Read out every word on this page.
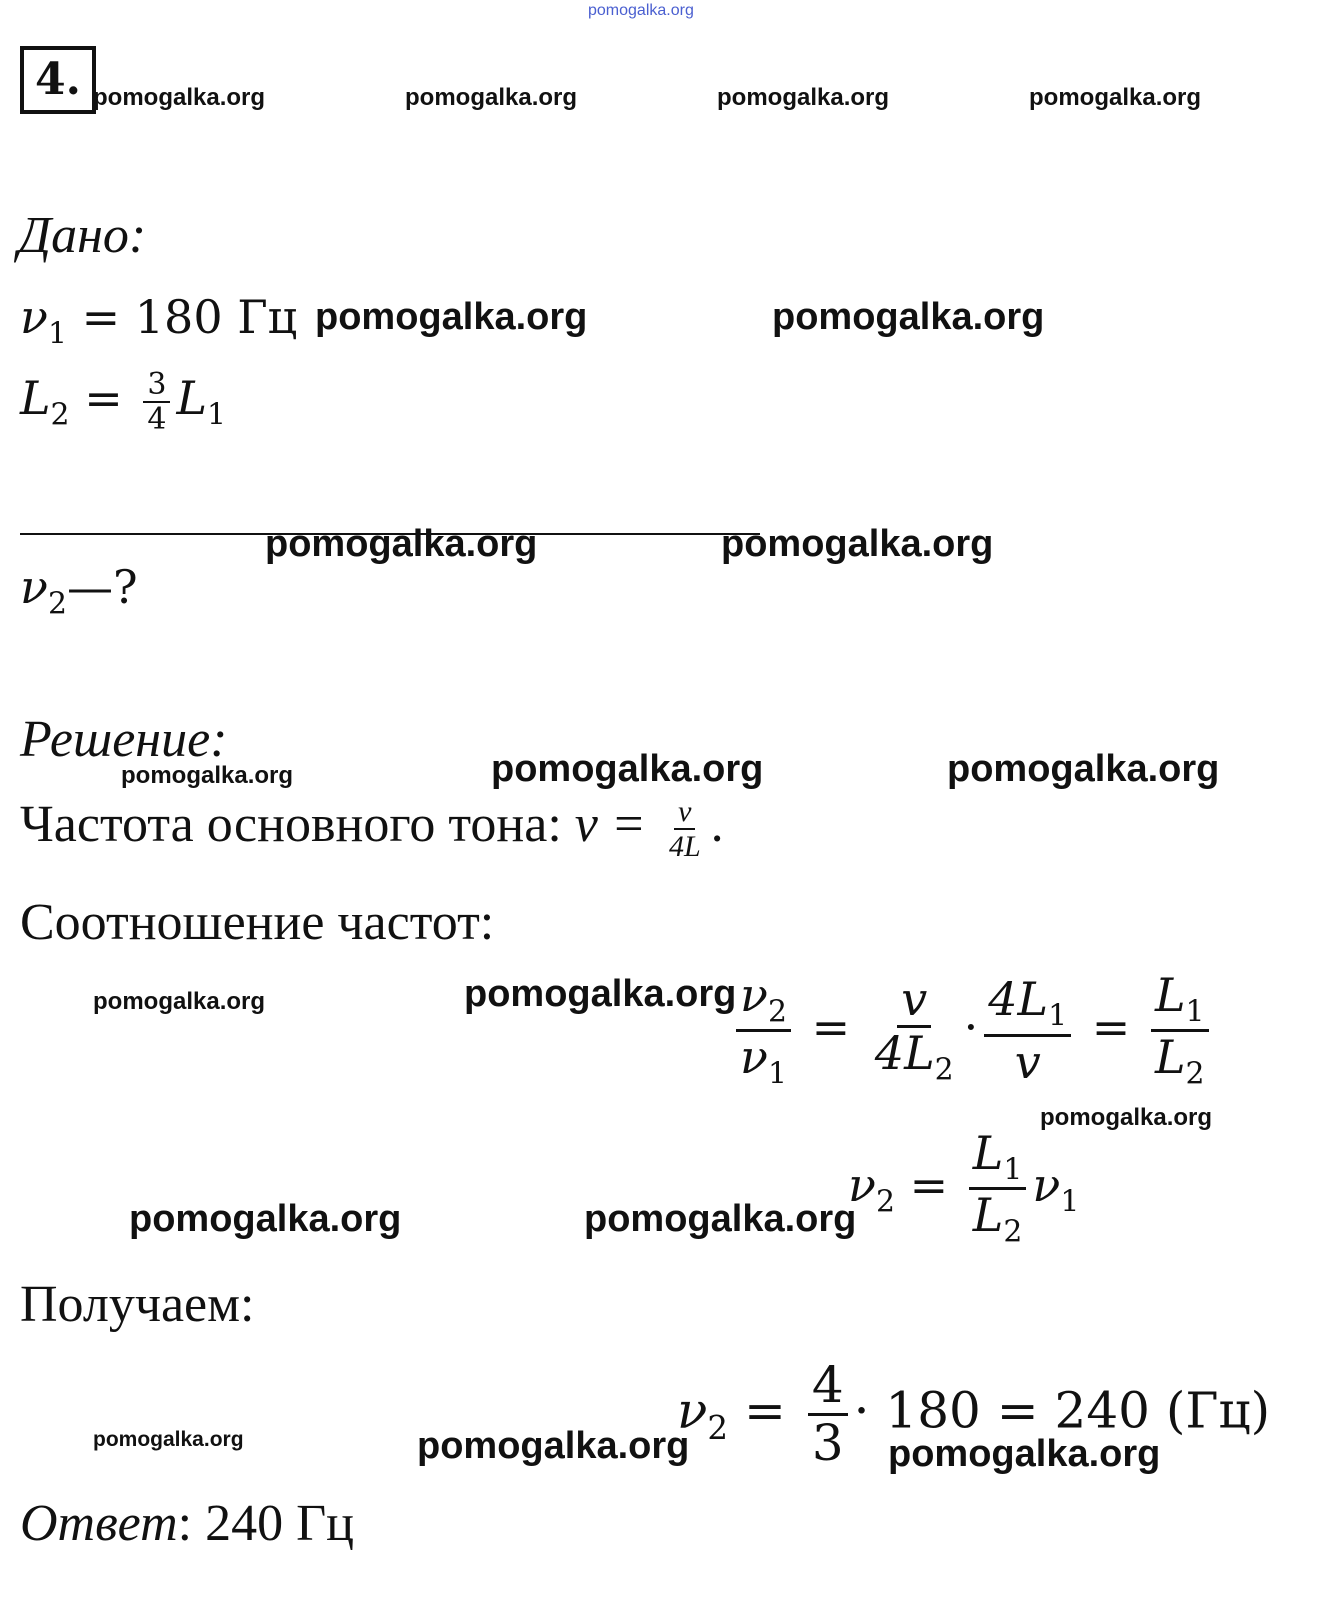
pomogalka.org
4. pomogalka.org	pomogalka.org	pomogalka.org	pomogalka.org
Дано:
$\nu_1 = 180$ Гц pomogalka.org	pomogalka.org
$L_2 = \frac{3}{4} L_1$
pomogalka.org	pomogalka.org
$\nu_2—$?
Решение:
pomogalka.org	pomogalka.org	pomogalka.org
Частота основного тона: $\nu = \frac{v}{4L}$ .
Соотношение частот:
pomogalka.org	pomogalka.org $\frac{\nu_2}{\nu_1} = \frac{v}{4L_2} \cdot \frac{4L_1}{v} = \frac{L_1}{L_2}$
pomogalka.org
$\nu_2 = \frac{L_1}{L_2} \nu_1$
pomogalka.org	pomogalka.org
Получаем:
$\nu_2 = \frac{4}{3} \cdot 180 = 240$ (Гц)
pomogalka.org	pomogalka.org	pomogalka.org
Ответ: 240 Гц
